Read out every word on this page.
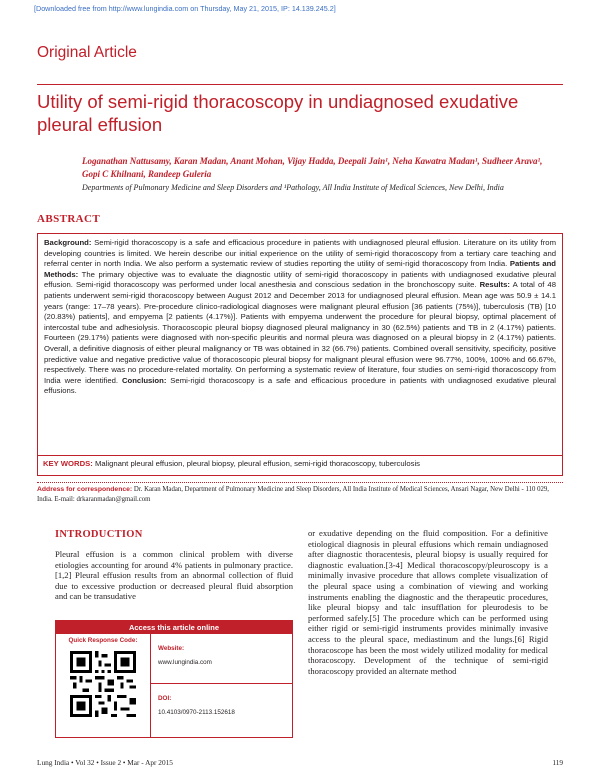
[Downloaded free from http://www.lungindia.com on Thursday, May 21, 2015, IP: 14.139.245.2]
Original Article
Utility of semi-rigid thoracoscopy in undiagnosed exudative pleural effusion
Loganathan Nattusamy, Karan Madan, Anant Mohan, Vijay Hadda, Deepali Jain¹, Neha Kawatra Madan¹, Sudheer Arava¹, Gopi C Khilnani, Randeep Guleria
Departments of Pulmonary Medicine and Sleep Disorders and ¹Pathology, All India Institute of Medical Sciences, New Delhi, India
ABSTRACT

Background: Semi-rigid thoracoscopy is a safe and efficacious procedure in patients with undiagnosed pleural effusion. Literature on its utility from developing countries is limited. We herein describe our initial experience on the utility of semi-rigid thoracoscopy from a tertiary care teaching and referral center in north India. We also perform a systematic review of studies reporting the utility of semi-rigid thoracoscopy from India. Patients and Methods: The primary objective was to evaluate the diagnostic utility of semi-rigid thoracoscopy in patients with undiagnosed exudative pleural effusion. Semi-rigid thoracoscopy was performed under local anesthesia and conscious sedation in the bronchoscopy suite. Results: A total of 48 patients underwent semi-rigid thoracoscopy between August 2012 and December 2013 for undiagnosed pleural effusion. Mean age was 50.9 ± 14.1 years (range: 17–78 years). Pre-procedure clinico-radiological diagnoses were malignant pleural effusion [36 patients (75%)], tuberculosis (TB) [10 (20.83%) patients], and empyema [2 patients (4.17%)]. Patients with empyema underwent the procedure for pleural biopsy, optimal placement of intercostal tube and adhesiolysis. Thoracoscopic pleural biopsy diagnosed pleural malignancy in 30 (62.5%) patients and TB in 2 (4.17%) patients. Fourteen (29.17%) patients were diagnosed with non-specific pleuritis and normal pleura was diagnosed on a pleural biopsy in 2 (4.17%) patients. Overall, a definitive diagnosis of either pleural malignancy or TB was obtained in 32 (66.7%) patients. Combined overall sensitivity, specificity, positive predictive value and negative predictive value of thoracoscopic pleural biopsy for malignant pleural effusion were 96.77%, 100%, 100% and 66.67%, respectively. There was no procedure-related mortality. On performing a systematic review of literature, four studies on semi-rigid thoracoscopy from India were identified. Conclusion: Semi-rigid thoracoscopy is a safe and efficacious procedure in patients with undiagnosed exudative pleural effusions.

KEY WORDS: Malignant pleural effusion, pleural biopsy, pleural effusion, semi-rigid thoracoscopy, tuberculosis
Address for correspondence: Dr. Karan Madan, Department of Pulmonary Medicine and Sleep Disorders, All India Institute of Medical Sciences, Ansari Nagar, New Delhi - 110 029, India. E-mail: drkaranmadan@gmail.com
INTRODUCTION

Pleural effusion is a common clinical problem with diverse etiologies accounting for around 4% patients in pulmonary practice.[1,2] Pleural effusion results from an abnormal collection of fluid due to excessive production or decreased pleural fluid absorption and can be transudative

or exudative depending on the fluid composition. For a definitive etiological diagnosis in pleural effusions which remain undiagnosed after diagnostic thoracentesis, pleural biopsy is usually required for diagnostic evaluation.[3-4] Medical thoracoscopy/pleuroscopy is a minimally invasive procedure that allows complete visualization of the pleural space using a combination of viewing and working instruments enabling the diagnostic and the therapeutic procedures, like pleural biopsy and talc insufflation for pleurodesis to be performed safely.[5] The procedure which can be performed using either rigid or semi-rigid instruments provides minimally invasive access to the pleural space, mediastinum and the lungs.[6] Rigid thoracoscope has been the most widely utilized modality for medical thoracoscopy. Development of the technique of semi-rigid thoracoscopy provided an alternate method

Access this article online
Quick Response Code:
Website:
www.lungindia.com
DOI:
10.4103/0970-2113.152618
Lung India • Vol 32 • Issue 2 • Mar - Apr 2015	119
